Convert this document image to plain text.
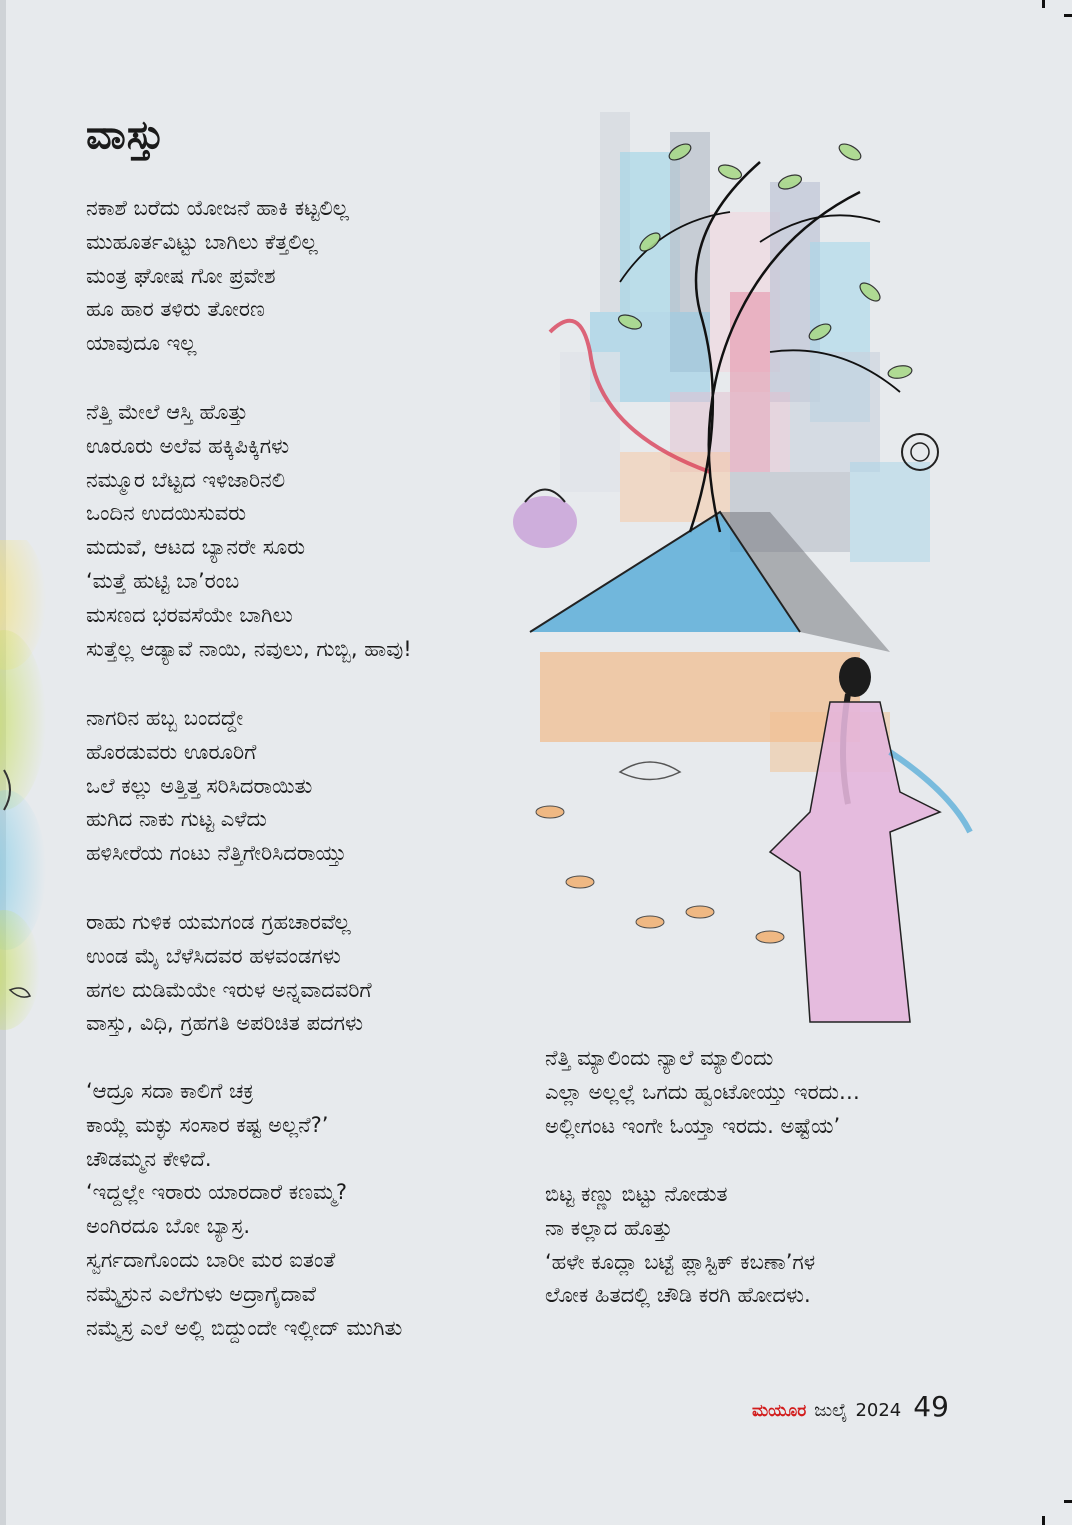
ವಾಸ್ತು
ನಕಾಶೆ ಬರೆದು ಯೋಜನೆ ಹಾಕಿ ಕಟ್ಟಲಿಲ್ಲ
ಮುಹೂರ್ತವಿಟ್ಟು ಬಾಗಿಲು ಕೆತ್ತಲಿಲ್ಲ
ಮಂತ್ರ ಘೋಷ ಗೋ ಪ್ರವೇಶ
ಹೂ ಹಾರ ತಳಿರು ತೋರಣ
ಯಾವುದೂ ಇಲ್ಲ
ನೆತ್ತಿ ಮೇಲೆ ಆಸ್ತಿ ಹೊತ್ತು
ಊರೂರು ಅಲೆವ ಹಕ್ಕಿಪಿಕ್ಕಿಗಳು
ನಮ್ಮೂರ ಬೆಟ್ಟದ ಇಳಿಜಾರಿನಲಿ
ಒಂದಿನ ಉದಯಿಸುವರು
ಮದುವೆ, ಆಟದ ಬ್ಯಾನರೇ ಸೂರು
‘ಮತ್ತೆ ಹುಟ್ಟಿ ಬಾ’ರಂಬ
ಮಸಣದ ಭರವಸೆಯೇ ಬಾಗಿಲು
ಸುತ್ತೆಲ್ಲ ಆಡ್ಯಾವೆ ನಾಯಿ, ನವುಲು, ಗುಬ್ಬಿ, ಹಾವು!
ನಾಗರಿನ ಹಬ್ಬ ಬಂದದ್ದೇ
ಹೊರಡುವರು ಊರೂರಿಗೆ
ಒಲೆ ಕಲ್ಲು ಅತ್ತಿತ್ತ ಸರಿಸಿದರಾಯಿತು
ಹುಗಿದ ನಾಕು ಗುಟ್ಟ ಎಳೆದು
ಹಳಿಸೀರೆಯ ಗಂಟು ನೆತ್ತಿಗೇರಿಸಿದರಾಯ್ತು
ರಾಹು ಗುಳಿಕ ಯಮಗಂಡ ಗ್ರಹಚಾರವೆಲ್ಲ
ಉಂಡ ಮೈ ಬೆಳೆಸಿದವರ ಹಳವಂಡಗಳು
ಹಗಲ ದುಡಿಮೆಯೇ ಇರುಳ ಅನ್ನವಾದವರಿಗೆ
ವಾಸ್ತು, ವಿಧಿ, ಗ್ರಹಗತಿ ಅಪರಿಚಿತ ಪದಗಳು
‘ಆದ್ರೂ ಸದಾ ಕಾಲಿಗೆ ಚಕ್ರ
ಕಾಯ್ಲೆ ಮಕ್ಳು ಸಂಸಾರ ಕಷ್ಟ ಅಲ್ಲನೆ?’
ಚೌಡಮ್ಮನ ಕೇಳಿದೆ.
‘ಇದ್ದಲ್ಲೇ ಇರಾರು ಯಾರದಾರೆ ಕಣಮ್ಮ?
ಅಂಗಿರದೂ ಬೋ ಬ್ಯಾಸ್ರ.
ಸ್ವರ್ಗದಾಗೊಂದು ಬಾರೀ ಮರ ಐತಂತೆ
ನಮ್ಮೆಸ್ರುನ ಎಲೆಗುಳು ಅದ್ರಾಗೈದಾವೆ
ನಮ್ಮೆಸ್ರ ಎಲೆ ಅಲ್ಲಿ ಬಿದ್ದುಂದೇ ಇಲ್ಲೀದ್ ಮುಗಿತು
ನೆತ್ತಿ ಮ್ಯಾಲಿಂದು ನ್ಯಾಲೆ ಮ್ಯಾಲಿಂದು
ಎಲ್ಲಾ ಅಲ್ಲಲ್ಲೆ ಒಗದು ಹ್ವಂಟೋಯ್ತು ಇರದು…
ಅಲ್ಲೀಗಂಟ ಇಂಗೇ ಓಯ್ತಾ ಇರದು. ಅಷ್ಟೆಯ’
ಬಿಟ್ಟ ಕಣ್ಣು ಬಿಟ್ಟು ನೋಡುತ
ನಾ ಕಲ್ಲಾದ ಹೊತ್ತು
‘ಹಳೇ ಕೂದ್ಲಾ ಬಟ್ಟೆ ಪ್ಲಾಸ್ಟಿಕ್ ಕಬಣಾ’ಗಳ
ಲೋಕ ಹಿತದಲ್ಲಿ ಚೌಡಿ ಕರಗಿ ಹೋದಳು.
ಮಯೂರ ಜುಲೈ 2024 49
